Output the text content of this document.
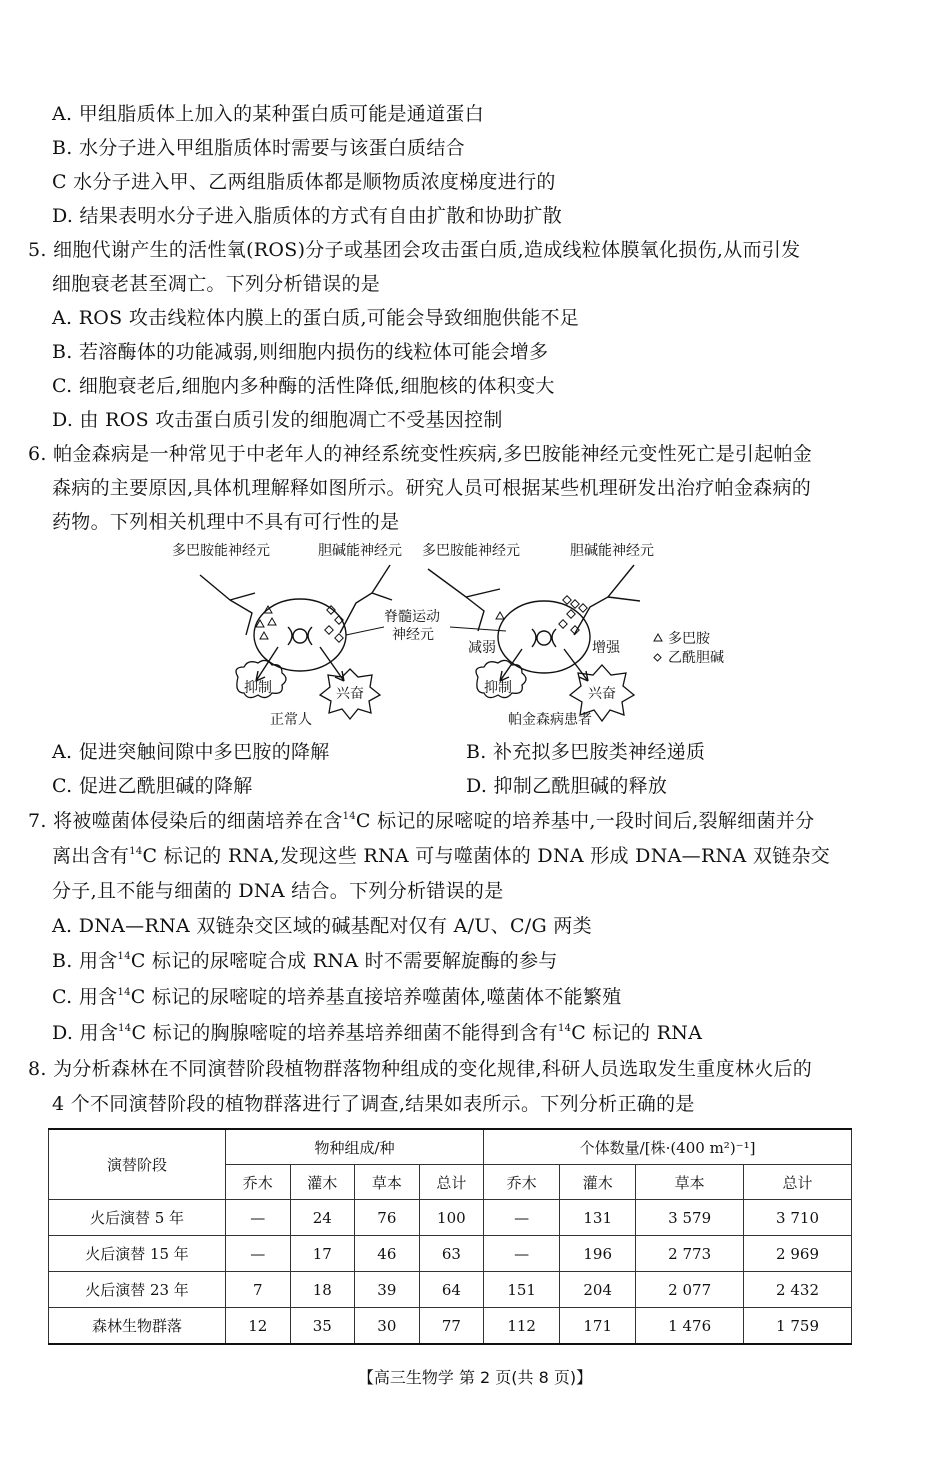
A. 甲组脂质体上加入的某种蛋白质可能是通道蛋白
B. 水分子进入甲组脂质体时需要与该蛋白质结合
C 水分子进入甲、乙两组脂质体都是顺物质浓度梯度进行的
D. 结果表明水分子进入脂质体的方式有自由扩散和协助扩散
5. 细胞代谢产生的活性氧(ROS)分子或基团会攻击蛋白质,造成线粒体膜氧化损伤,从而引发
细胞衰老甚至凋亡。下列分析错误的是
A. ROS 攻击线粒体内膜上的蛋白质,可能会导致细胞供能不足
B. 若溶酶体的功能减弱,则细胞内损伤的线粒体可能会增多
C. 细胞衰老后,细胞内多种酶的活性降低,细胞核的体积变大
D. 由 ROS 攻击蛋白质引发的细胞凋亡不受基因控制
6. 帕金森病是一种常见于中老年人的神经系统变性疾病,多巴胺能神经元变性死亡是引起帕金
森病的主要原因,具体机理解释如图所示。研究人员可根据某些机理研发出治疗帕金森病的
药物。下列相关机理中不具有可行性的是
多巴胺能神经元	胆碱能神经元
抑制	兴奋
正常人
脊髓运动
神经元
多巴胺能神经元	胆碱能神经元
减弱	增强
抑制	兴奋
帕金森病患者
多巴胺
乙酰胆碱
A. 促进突触间隙中多巴胺的降解	B. 补充拟多巴胺类神经递质
C. 促进乙酰胆碱的降解	D. 抑制乙酰胆碱的释放
7. 将被噬菌体侵染后的细菌培养在含$^{14}$C 标记的尿嘧啶的培养基中,一段时间后,裂解细菌并分
离出含有$^{14}$C 标记的 RNA,发现这些 RNA 可与噬菌体的 DNA 形成 DNA—RNA 双链杂交
分子,且不能与细菌的 DNA 结合。下列分析错误的是
A. DNA—RNA 双链杂交区域的碱基配对仅有 A/U、C/G 两类
B. 用含$^{14}$C 标记的尿嘧啶合成 RNA 时不需要解旋酶的参与
C. 用含$^{14}$C 标记的尿嘧啶的培养基直接培养噬菌体,噬菌体不能繁殖
D. 用含$^{14}$C 标记的胸腺嘧啶的培养基培养细菌不能得到含有$^{14}$C 标记的 RNA
8. 为分析森林在不同演替阶段植物群落物种组成的变化规律,科研人员选取发生重度林火后的
4 个不同演替阶段的植物群落进行了调查,结果如表所示。下列分析正确的是
演替阶段	物种组成/种				个体数量/[株·(400 m²)⁻¹]			
	乔木	灌木	草本	总计	乔木	灌木	草本	总计
火后演替 5 年	—	24	76	100	—	131	3 579	3 710
火后演替 15 年	—	17	46	63	—	196	2 773	2 969
火后演替 23 年	7	18	39	64	151	204	2 077	2 432
森林生物群落	12	35	30	77	112	171	1 476	1 759
【高三生物学 第 2 页(共 8 页)】
